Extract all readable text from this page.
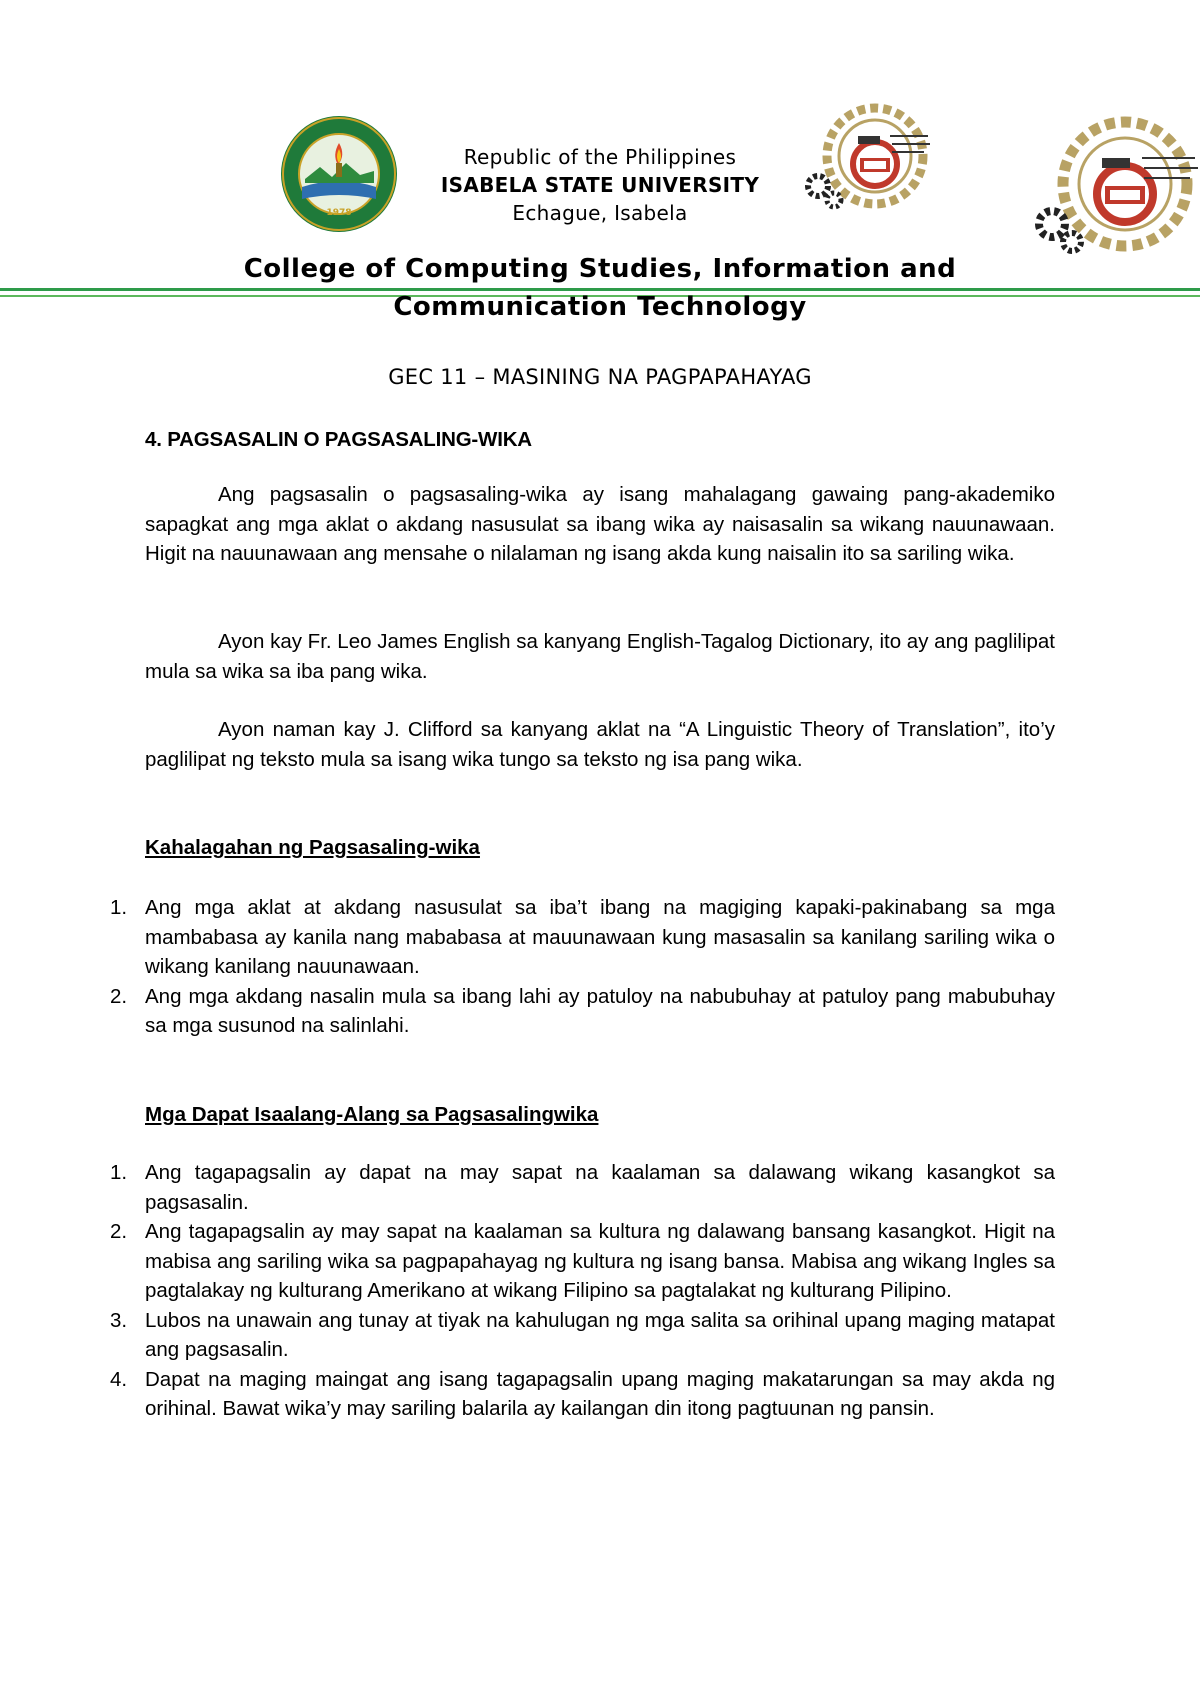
1978
Republic of the Philippines
ISABELA STATE UNIVERSITY
Echague, Isabela
College of Computing Studies, Information and Communication Technology
GEC 11 – MASINING NA PAGPAPAHAYAG
4. PAGSASALIN O PAGSASALING-WIKA

Ang pagsasalin o pagsasaling-wika ay isang mahalagang gawaing pang-akademiko sapagkat ang mga aklat o akdang nasusulat sa ibang wika ay naisasalin sa wikang nauunawaan. Higit na nauunawaan ang mensahe o nilalaman ng isang akda kung naisalin ito sa sariling wika.

Ayon kay Fr. Leo James English sa kanyang English-Tagalog Dictionary, ito ay ang paglilipat mula sa wika sa iba pang wika.

Ayon naman kay J. Clifford sa kanyang aklat na “A Linguistic Theory of Translation”, ito’y paglilipat ng teksto mula sa isang wika tungo sa teksto ng isa pang wika.

Kahalagahan ng Pagsasaling-wika
1. Ang mga aklat at akdang nasusulat sa iba’t ibang na magiging kapaki-pakinabang sa mga mambabasa ay kanila nang mababasa at mauunawaan kung masasalin sa kanilang sariling wika o wikang kanilang nauunawaan.
2. Ang mga akdang nasalin mula sa ibang lahi ay patuloy na nabubuhay at patuloy pang mabubuhay sa mga susunod na salinlahi.
Mga Dapat Isaalang-Alang sa Pagsasalingwika
1. Ang tagapagsalin ay dapat na may sapat na kaalaman sa dalawang wikang kasangkot sa pagsasalin.
2. Ang tagapagsalin ay may sapat na kaalaman sa kultura ng dalawang bansang kasangkot. Higit na mabisa ang sariling wika sa pagpapahayag ng kultura ng isang bansa. Mabisa ang wikang Ingles sa pagtalakay ng kulturang Amerikano at wikang Filipino sa pagtalakat ng kulturang Pilipino.
3. Lubos na unawain ang tunay at tiyak na kahulugan ng mga salita sa orihinal upang maging matapat ang pagsasalin.
4. Dapat na maging maingat ang isang tagapagsalin upang maging makatarungan sa may akda ng orihinal. Bawat wika’y may sariling balarila ay kailangan din itong pagtuunan ng pansin.
